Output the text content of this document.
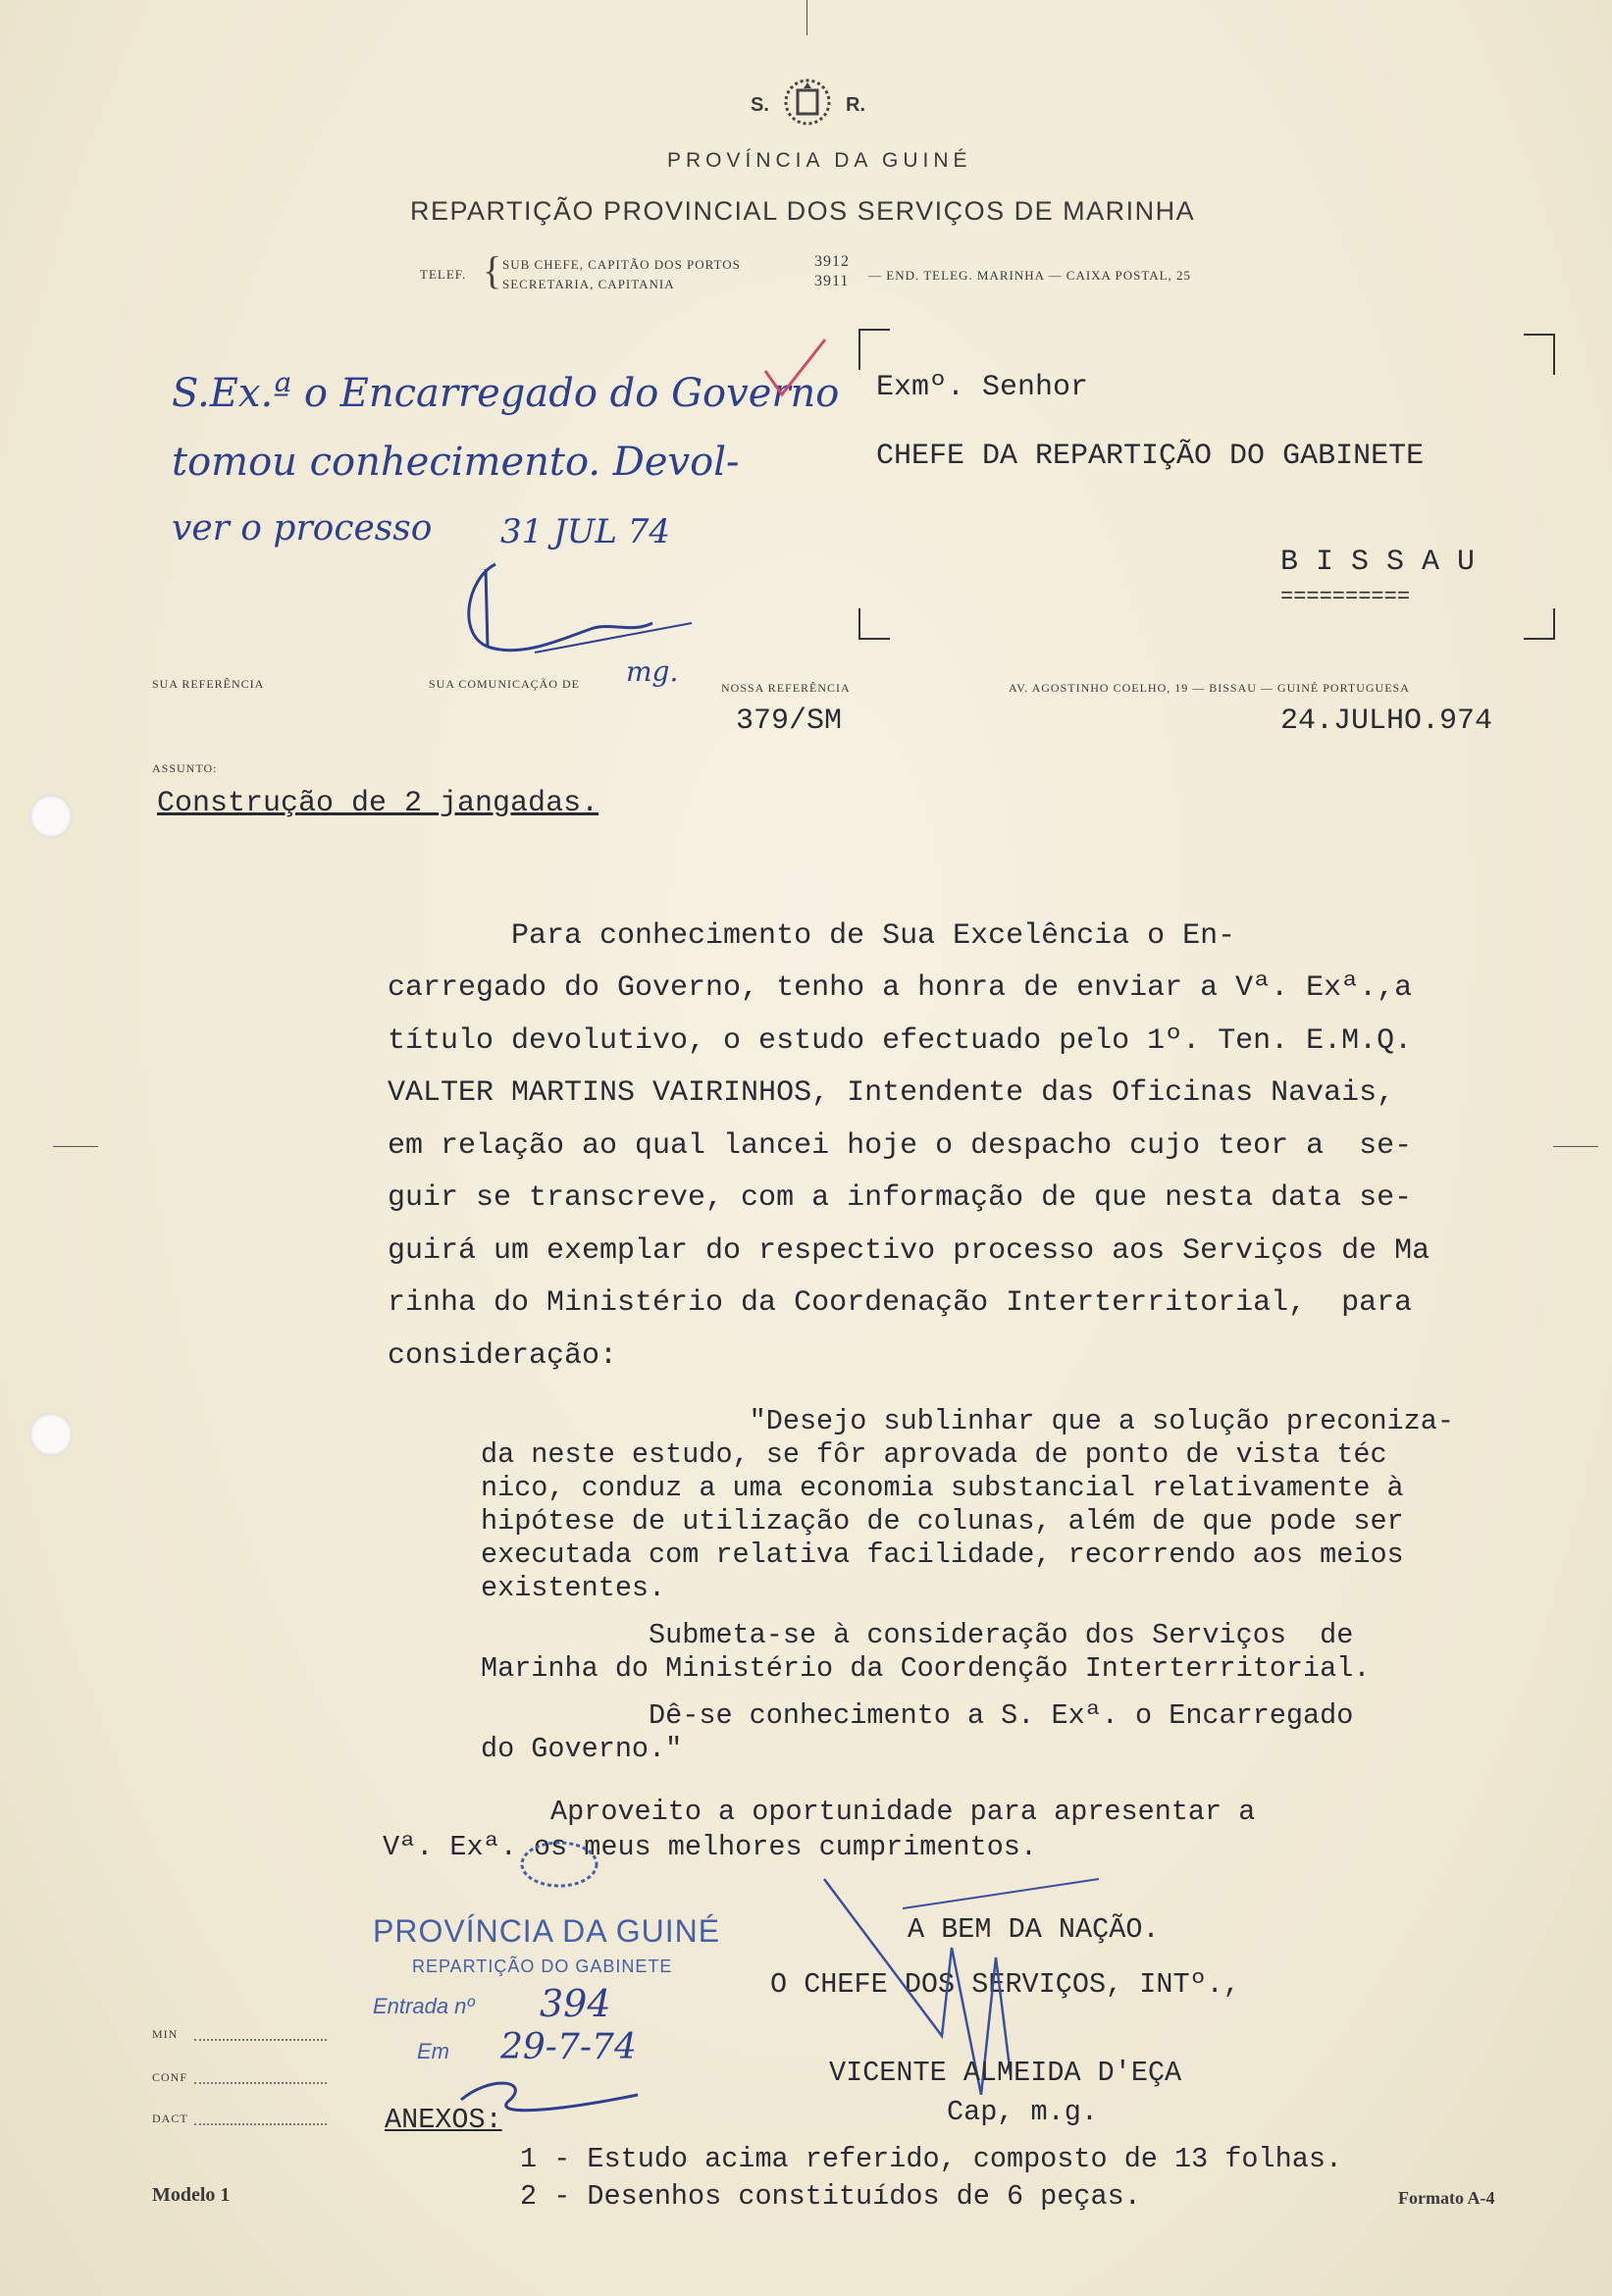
S.	R.
PROVÍNCIA DA GUINÉ
REPARTIÇÃO PROVINCIAL DOS SERVIÇOS DE MARINHA
TELEF. { SUB CHEFE, CAPITÃO DOS PORTOS	3912
SECRETARIA, CAPITANIA	3911 — END. TELEG. MARINHA — CAIXA POSTAL, 25
S.Ex.ª o Encarregado do Governo
tomou conhecimento. Devol-
ver o processo 31 JUL 74
mg.
Exmº. Senhor
CHEFE DA REPARTIÇÃO DO GABINETE
B I S S A U
==========
SUA REFERÊNCIA	SUA COMUNICAÇÃO DE	NOSSA REFERÊNCIA	AV. AGOSTINHO COELHO, 19 — BISSAU — GUINÉ PORTUGUESA
379/SM	24.JULHO.974
ASSUNTO:
Construção de 2 jangadas.
Para conhecimento de Sua Excelência o En-
carregado do Governo, tenho a honra de enviar a Vª. Exª.,a
título devolutivo, o estudo efectuado pelo 1º. Ten. E.M.Q.
VALTER MARTINS VAIRINHOS, Intendente das Oficinas Navais,
em relação ao qual lancei hoje o despacho cujo teor a  se-
guir se transcreve, com a informação de que nesta data se-
guirá um exemplar do respectivo processo aos Serviços de Ma
rinha do Ministério da Coordenação Interterritorial,  para
consideração:
"Desejo sublinhar que a solução preconiza-
da neste estudo, se fôr aprovada de ponto de vista téc
nico, conduz a uma economia substancial relativamente à
hipótese de utilização de colunas, além de que pode ser
executada com relativa facilidade, recorrendo aos meios
existentes.
Submeta-se à consideração dos Serviços  de
Marinha do Ministério da Coordenção Interterritorial.
Dê-se conhecimento a S. Exª. o Encarregado
do Governo."
Aproveito a oportunidade para apresentar a
Vª. Exª. os meus melhores cumprimentos.
PROVÍNCIA DA GUINÉ
REPARTIÇÃO DO GABINETE
Entrada nº 394
Em 29-7-74
A BEM DA NAÇÃO.
O CHEFE DOS SERVIÇOS, INTº.,
VICENTE ALMEIDA D'EÇA
Cap, m.g.
ANEXOS:
1 - Estudo acima referido, composto de 13 folhas.
2 - Desenhos constituídos de 6 peças.
MIN
CONF
DACT
Modelo 1	Formato A-4
